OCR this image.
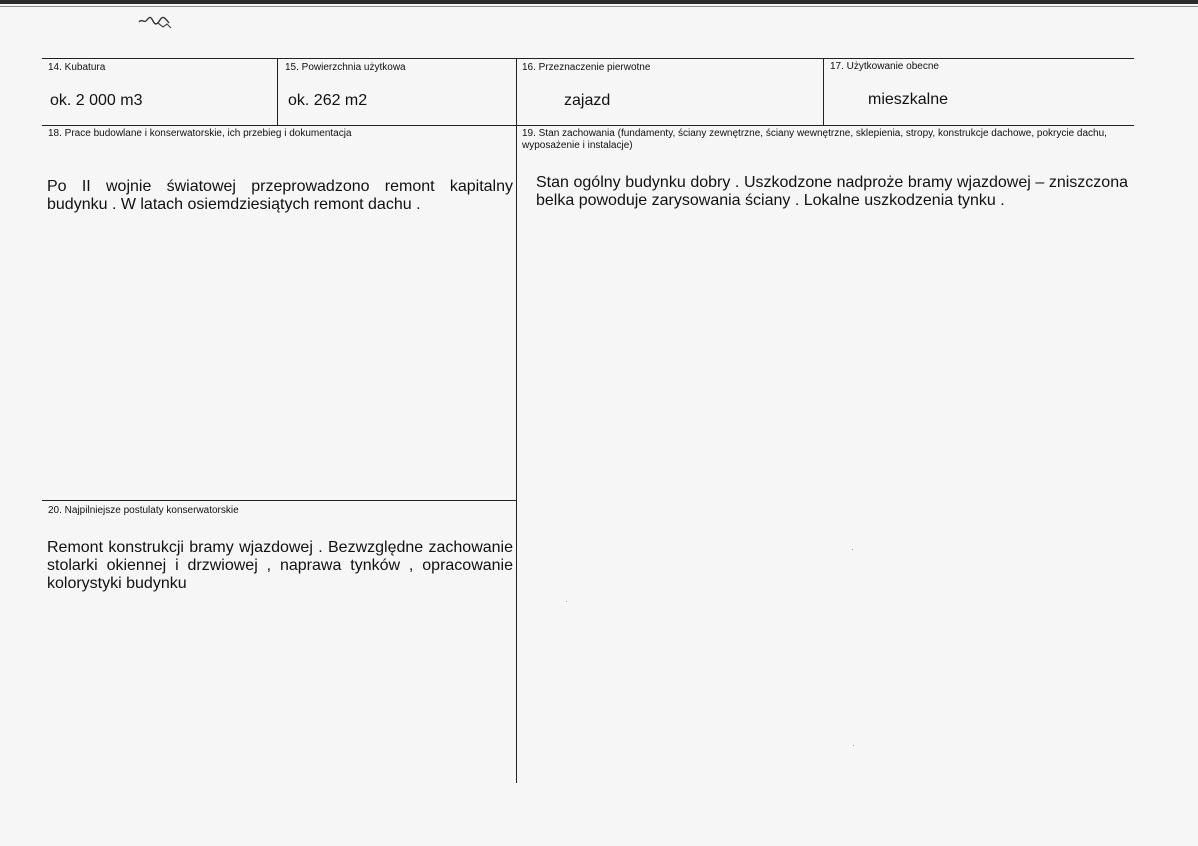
14. Kubatura
ok. 2 000 m3
15. Powierzchnia użytkowa
ok. 262 m2
16. Przeznaczenie pierwotne
zajazd
17. Użytkowanie obecne
mieszkalne
18. Prace budowlane i konserwatorskie, ich przebieg i dokumentacja
Po II wojnie światowej przeprowadzono remont kapitalny budynku . W latach osiemdziesiątych remont dachu .
19. Stan zachowania (fundamenty, ściany zewnętrzne, ściany wewnętrzne, sklepienia, stropy, konstrukcje dachowe, pokrycie dachu, wyposażenie i instalacje)
Stan ogólny budynku dobry . Uszkodzone nadproże bramy wjazdowej – zniszczona belka powoduje zarysowania ściany . Lokalne uszkodzenia tynku .
20. Najpilniejsze postulaty konserwatorskie
Remont konstrukcji bramy wjazdowej . Bezwzględne zachowanie stolarki okiennej i drzwiowej , naprawa tynków , opracowanie kolorystyki budynku
